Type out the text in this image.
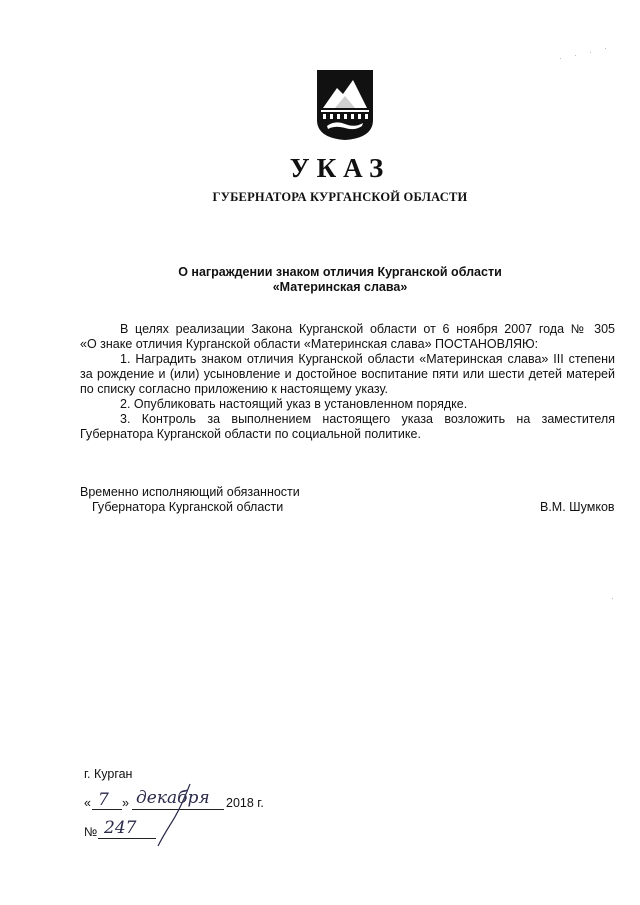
УКАЗ
ГУБЕРНАТОРА КУРГАНСКОЙ ОБЛАСТИ
О награждении знаком отличия Курганской области
«Материнская слава»

В целях реализации Закона Курганской области от 6 ноября 2007 года № 305

«О знаке отличия Курганской области «Материнская слава» ПОСТАНОВЛЯЮ:

1. Наградить знаком отличия Курганской области «Материнская слава» III степени за рождение и (или) усыновление и достойное воспитание пяти или шести детей матерей по списку согласно приложению к настоящему указу.

2. Опубликовать настоящий указ в установленном порядке.

3. Контроль за выполнением настоящего указа возложить на заместителя Губернатора Курганской области по социальной политике.

Временно исполняющий обязанности
Губернатора Курганской области	В.М. Шумков
г. Курган
« 7 » декабря 2018 г.
№ 247
